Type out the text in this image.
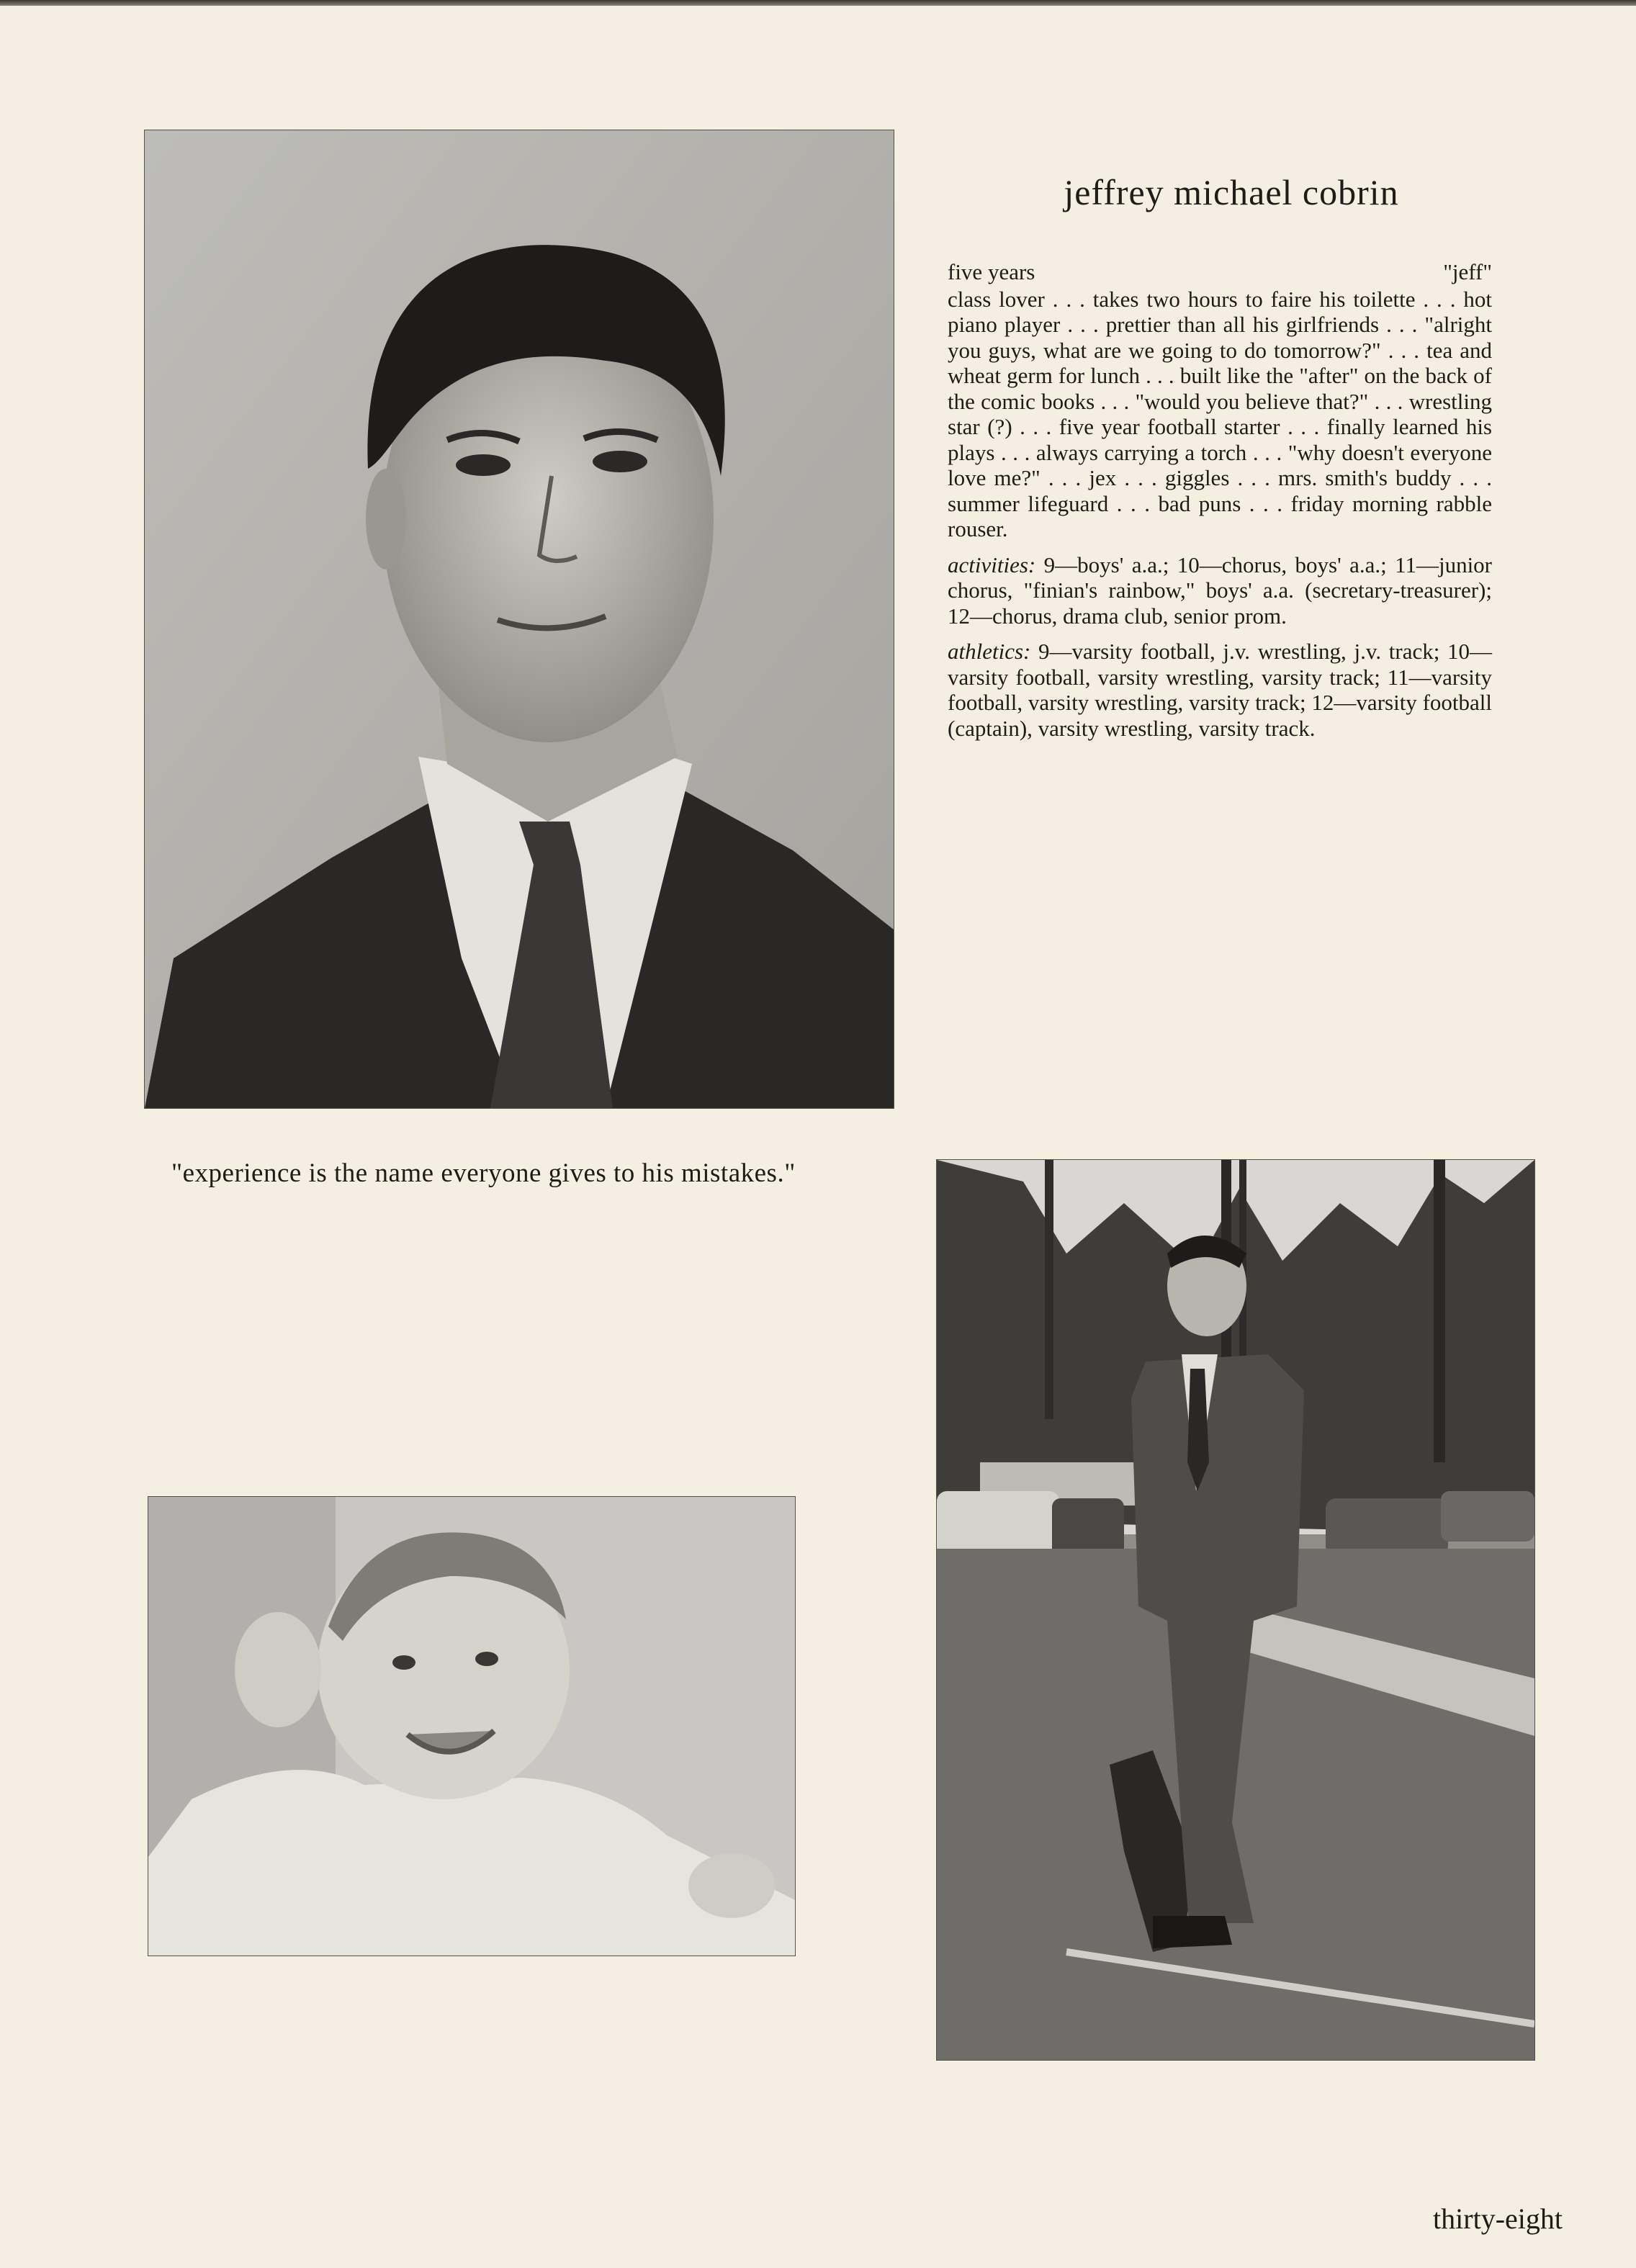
jeffrey michael cobrin
five years	"jeff"

class lover . . . takes two hours to faire his toilette . . . hot piano player . . . prettier than all his girlfriends . . . "alright you guys, what are we going to do tomorrow?" . . . tea and wheat germ for lunch . . . built like the "after" on the back of the comic books . . . "would you believe that?" . . . wrestling star (?) . . . five year football starter . . . finally learned his plays . . . always carrying a torch . . . "why doesn't everyone love me?" . . . jex . . . giggles . . . mrs. smith's buddy . . . summer lifeguard . . . bad puns . . . friday morning rabble rouser.

activities: 9—boys' a.a.; 10—chorus, boys' a.a.; 11—junior chorus, "finian's rainbow," boys' a.a. (secretary-treasurer); 12—chorus, drama club, senior prom.

athletics: 9—varsity football, j.v. wrestling, j.v. track; 10—varsity football, varsity wrestling, varsity track; 11—varsity football, varsity wrestling, varsity track; 12—varsity football (captain), varsity wrestling, varsity track.

"experience is the name everyone gives to his mistakes."
thirty-eight
